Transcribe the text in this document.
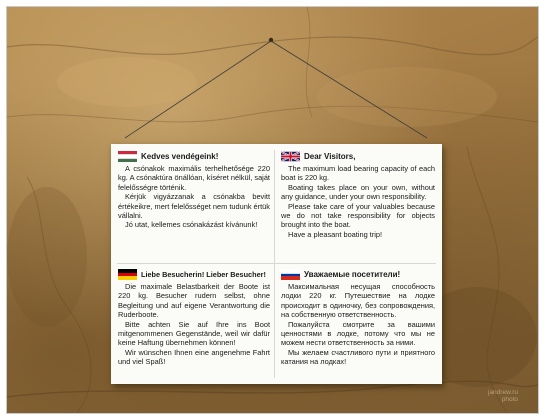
Kedves vendégeink!

A csónakok maximális terhelhetősége 220 kg. A csónaktúra önállóan, kíséret nélkül, saját felelősségre történik.

Kérjük vigyázzanak a csónakba bevitt értékeikre, mert felelősséget nem tudunk értük vállalni.

Jó utat, kellemes csónakázást kívánunk!

Dear Visitors,

The maximum load bearing capacity of each boat is 220 kg.

Boating takes place on your own, without any guidance, under your own responsibility.

Please take care of your valuables because we do not take responsibility for objects brought into the boat.

Have a pleasant boating trip!

Liebe Besucherin! Lieber Besucher!

Die maximale Belastbarkeit der Boote ist 220 kg. Besucher rudern selbst, ohne Begleitung und auf eigene Verantwortung die Ruderboote.

Bitte achten Sie auf Ihre ins Boot mitgenommenen Gegenstände, weil wir dafür keine Haftung übernehmen können!

Wir wünschen Ihnen eine angenehme Fahrt und viel Spaß!

Уважаемые посетители!

Максимальная несущая способность лодки 220 кг. Путешествие на лодке происходит в одиночку, без сопровождения, на собственную ответственность.

Пожалуйста смотрите за вашими ценностями в лодке, потому что мы не можем нести ответственность за ними.

Мы желаем счастливого пути и приятного катания на лодках!

jandrew.ru
photo
